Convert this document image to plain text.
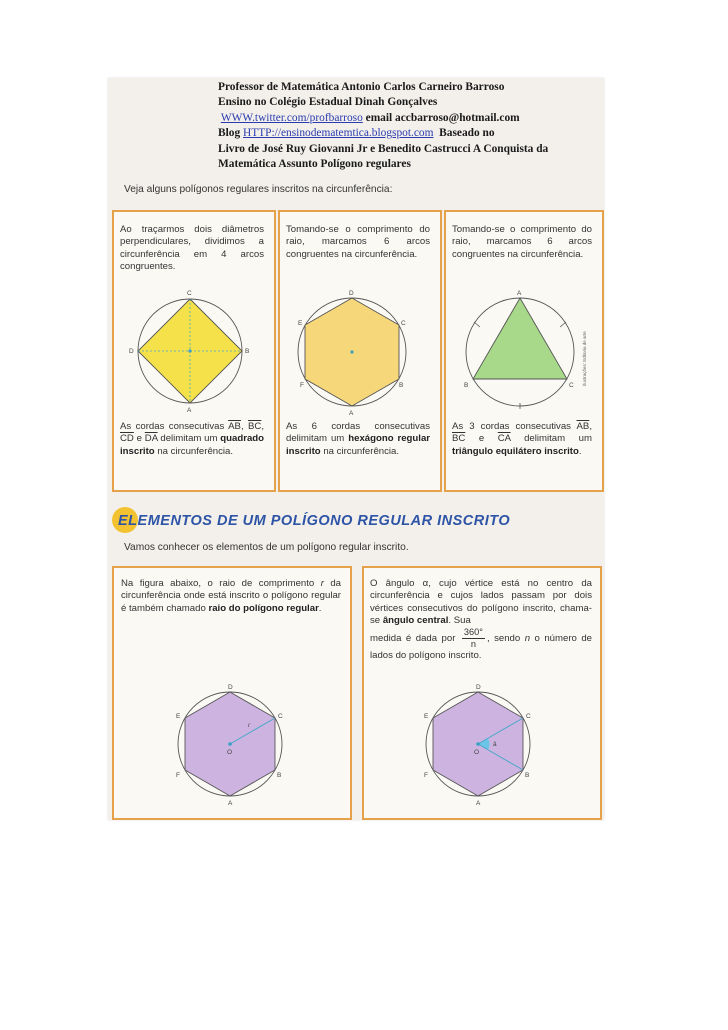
Professor de Matemática Antonio Carlos Carneiro Barroso
Ensino no Colégio Estadual Dinah Gonçalves
WWW.twitter.com/profbarroso email accbarroso@hotmail.com
Blog HTTP://ensinodematemtica.blogspot.com Baseado no
Livro de José Ruy Giovanni Jr e Benedito Castrucci A Conquista da
Matemática Assunto Polígono regulares
Veja alguns polígonos regulares inscritos na circunferência:
Ao traçarmos dois diâmetros perpendiculares, dividimos a circunferência em 4 arcos congruentes.
C
B
A
D
As cordas consecutivas $\overline{AB}$, $\overline{BC}$, $\overline{CD}$ e $\overline{DA}$ delimitam um quadrado inscrito na circunferência.
Tomando-se o comprimento do raio, marcamos 6 arcos congruentes na circunferência.
D
C
B
A
F
E
As 6 cordas consecutivas delimitam um hexágono regular inscrito na circunferência.
Tomando-se o comprimento do raio, marcamos 6 arcos congruentes na circunferência.
A
C
B	Ilustrações: Editoria de arte
As 3 cordas consecutivas $\overline{AB}$, $\overline{BC}$ e $\overline{CA}$ delimitam um triângulo equilátero inscrito.
ELEMENTOS DE UM POLÍGONO REGULAR INSCRITO
Vamos conhecer os elementos de um polígono regular inscrito.
Na figura abaixo, o raio de comprimento r da circunferência onde está inscrito o polígono regular é também chamado raio do polígono regular.
D
C
B
A
F
E
O
r
O ângulo α, cujo vértice está no centro da circunferência e cujos lados passam por dois vértices consecutivos do polígono inscrito, chama-se ângulo central. Sua
medida é dada por $\frac{360^\circ}{n}$ , sendo n o número de lados do polígono inscrito.
D
C
B
A
F
E
O
â
